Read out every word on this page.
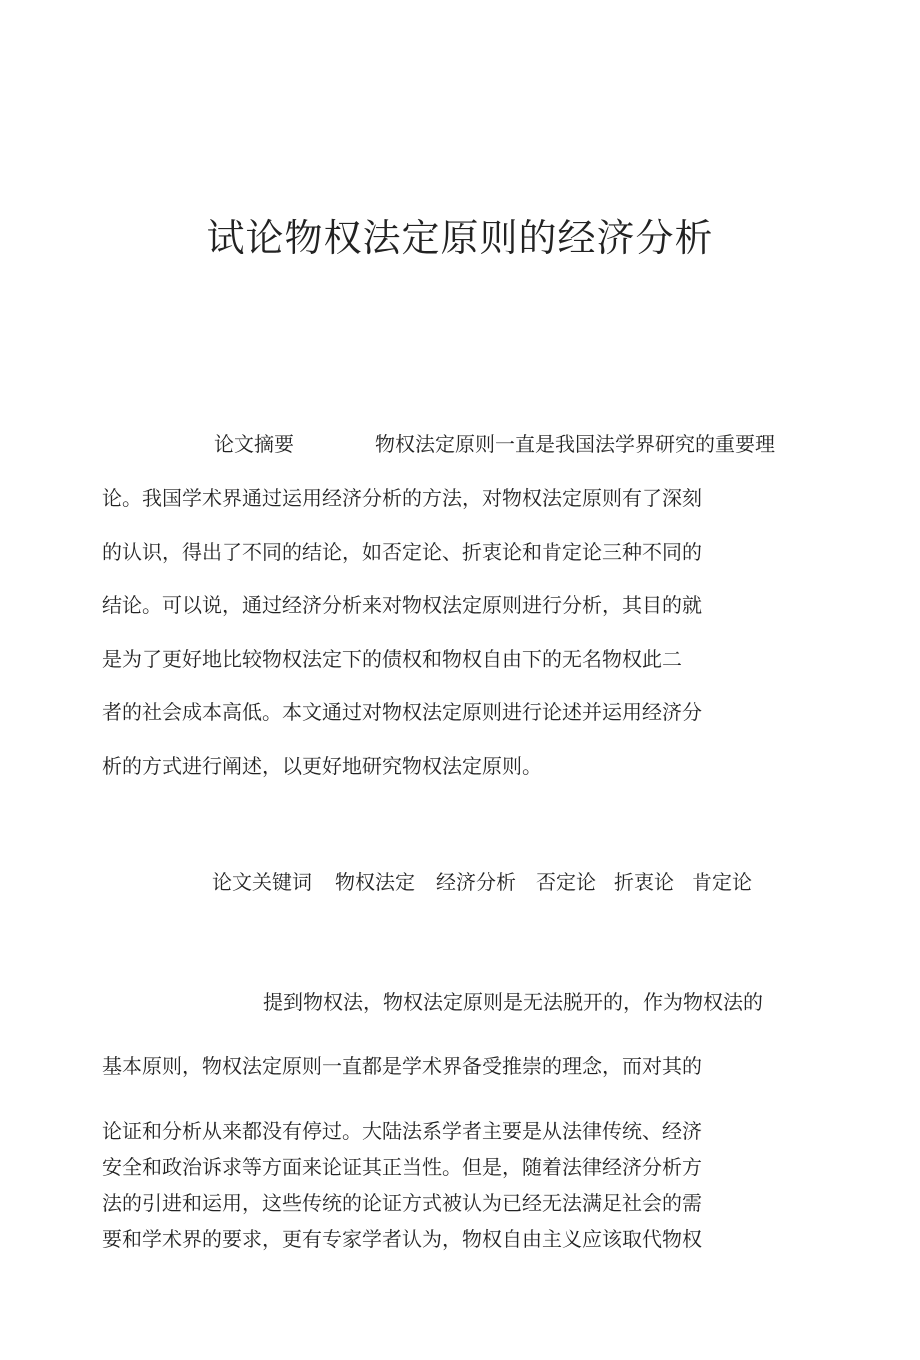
试论物权法定原则的经济分析
论文摘要	物权法定原则一直是我国法学界研究的重要理

论。我国学术界通过运用经济分析的方法，对物权法定原则有了深刻

的认识，得出了不同的结论，如否定论、折衷论和肯定论三种不同的

结论。可以说，通过经济分析来对物权法定原则进行分析，其目的就

是为了更好地比较物权法定下的债权和物权自由下的无名物权此二

者的社会成本高低。本文通过对物权法定原则进行论述并运用经济分

析的方式进行阐述，以更好地研究物权法定原则。

论文关键词 物权法定 经济分析 否定论 折衷论 肯定论

提到物权法，物权法定原则是无法脱开的，作为物权法的

基本原则，物权法定原则一直都是学术界备受推崇的理念，而对其的

论证和分析从来都没有停过。大陆法系学者主要是从法律传统、经济

安全和政治诉求等方面来论证其正当性。但是，随着法律经济分析方

法的引进和运用，这些传统的论证方式被认为已经无法满足社会的需

要和学术界的要求，更有专家学者认为，物权自由主义应该取代物权
